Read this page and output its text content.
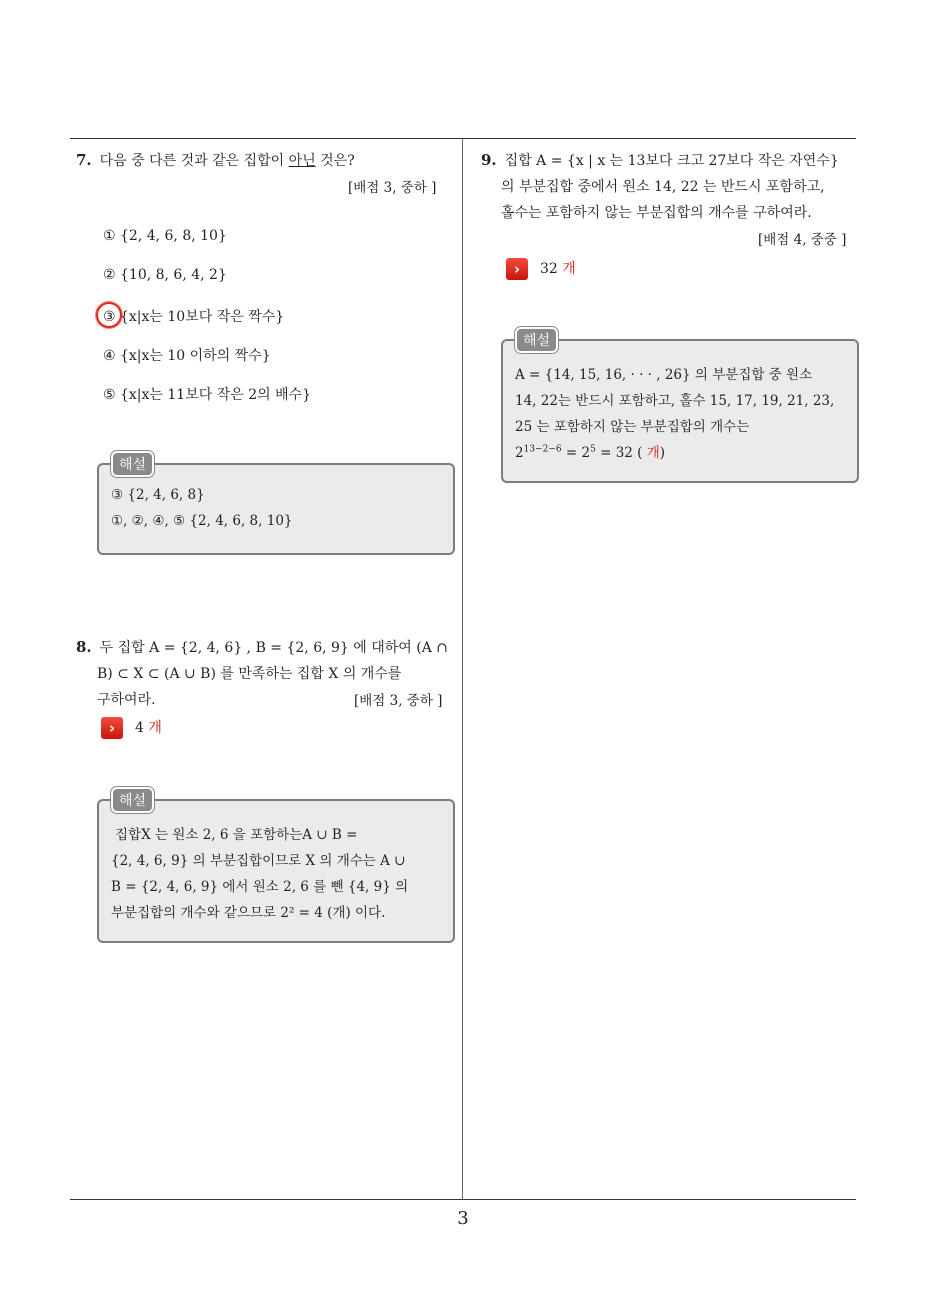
3
7. 다음 중 다른 것과 같은 집합이 아닌 것은?
[배점 3, 중하 ]
① {2, 4, 6, 8, 10}
② {10, 8, 6, 4, 2}
③ {x|x는 10보다 작은 짝수}
④ {x|x는 10 이하의 짝수}
⑤ {x|x는 11보다 작은 2의 배수}
해설
③ {2, 4, 6, 8}
①, ②, ④, ⑤ {2, 4, 6, 8, 10}
8. 두 집합 A = {2, 4, 6} , B = {2, 6, 9} 에 대하여 (A ∩
B) ⊂ X ⊂ (A ∪ B) 를 만족하는 집합 X 의 개수를
구하여라.	[배점 3, 중하 ]
› 4 개
해설
집합X 는 원소 2, 6 을 포함하는A ∪ B =
{2, 4, 6, 9} 의 부분집합이므로 X 의 개수는 A ∪
B = {2, 4, 6, 9} 에서 원소 2, 6 를 뺀 {4, 9} 의
부분집합의 개수와 같으므로 2² = 4 (개) 이다.
9. 집합 A = {x | x 는 13보다 크고 27보다 작은 자연수}
의 부분집합 중에서 원소 14, 22 는 반드시 포함하고,
홀수는 포함하지 않는 부분집합의 개수를 구하여라.
[배점 4, 중중 ]
› 32 개
해설
A = {14, 15, 16, · · · , 26} 의 부분집합 중 원소
14, 22는 반드시 포함하고, 홀수 15, 17, 19, 21, 23,
25 는 포함하지 않는 부분집합의 개수는
$2^{13-2-6} = 2^5 = 32$ ( 개)
